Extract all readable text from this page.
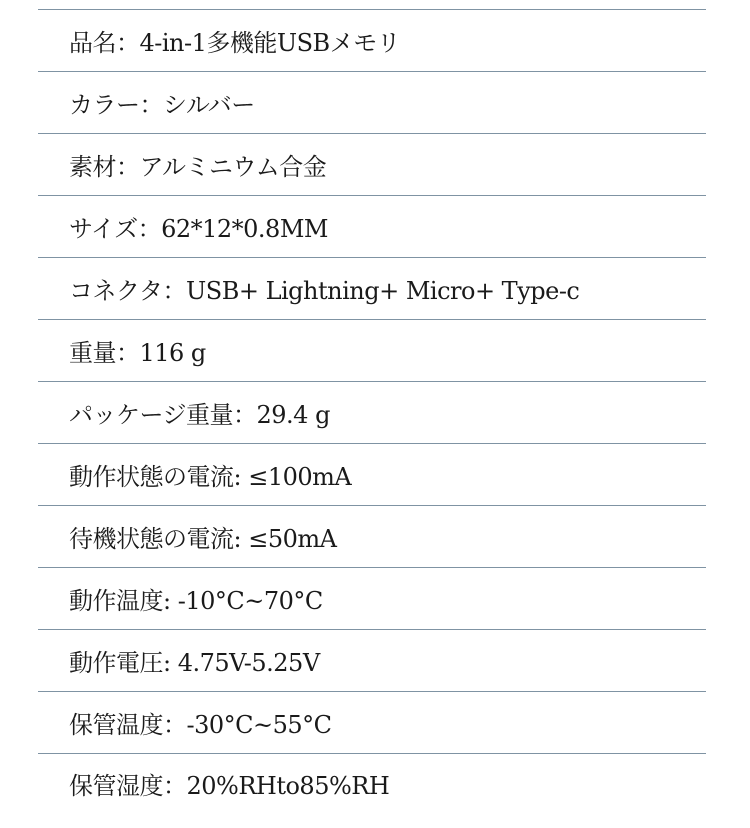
品名：4-in-1多機能USBメモリ
カラー：シルバー
素材：アルミニウム合金
サイズ：62*12*0.8MM
コネクタ：USB+ Lightning+ Micro+ Type-c
重量：116 g
パッケージ重量：29.4 g
動作状態の電流: ≤100mA
待機状態の電流: ≤50mA
動作温度: -10°C~70°C
動作電圧: 4.75V-5.25V
保管温度：-30°C~55°C
保管湿度：20%RHto85%RH
